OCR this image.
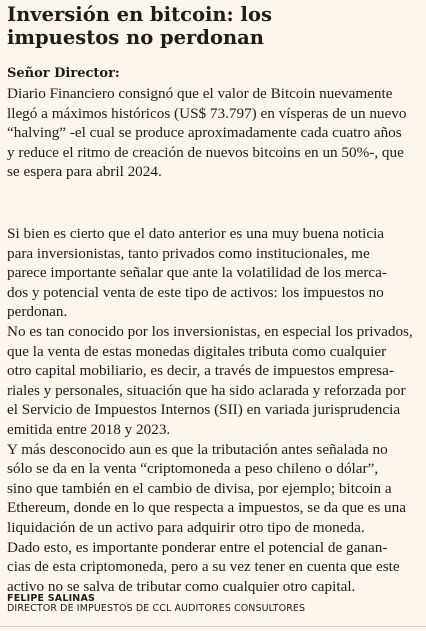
Inversión en bitcoin: los
impuestos no perdonan

Señor Director:

Diario Financiero consignó que el valor de Bitcoin nuevamente
llegó a máximos históricos (US$ 73.797) en vísperas de un nuevo
“halving” -el cual se produce aproximadamente cada cuatro años
y reduce el ritmo de creación de nuevos bitcoins en un 50%-, que
se espera para abril 2024.

Si bien es cierto que el dato anterior es una muy buena noticia
para inversionistas, tanto privados como institucionales, me
parece importante señalar que ante la volatilidad de los merca-
dos y potencial venta de este tipo de activos: los impuestos no
perdonan.
No es tan conocido por los inversionistas, en especial los privados,
que la venta de estas monedas digitales tributa como cualquier
otro capital mobiliario, es decir, a través de impuestos empresa-
riales y personales, situación que ha sido aclarada y reforzada por
el Servicio de Impuestos Internos (SII) en variada jurisprudencia
emitida entre 2018 y 2023.
Y más desconocido aun es que la tributación antes señalada no
sólo se da en la venta “criptomoneda a peso chileno o dólar”,
sino que también en el cambio de divisa, por ejemplo; bitcoin a
Ethereum, donde en lo que respecta a impuestos, se da que es una
liquidación de un activo para adquirir otro tipo de moneda.
Dado esto, es importante ponderar entre el potencial de ganan-
cias de esta criptomoneda, pero a su vez tener en cuenta que este
activo no se salva de tributar como cualquier otro capital.

FELIPE SALINAS

DIRECTOR DE IMPUESTOS DE CCL AUDITORES CONSULTORES
